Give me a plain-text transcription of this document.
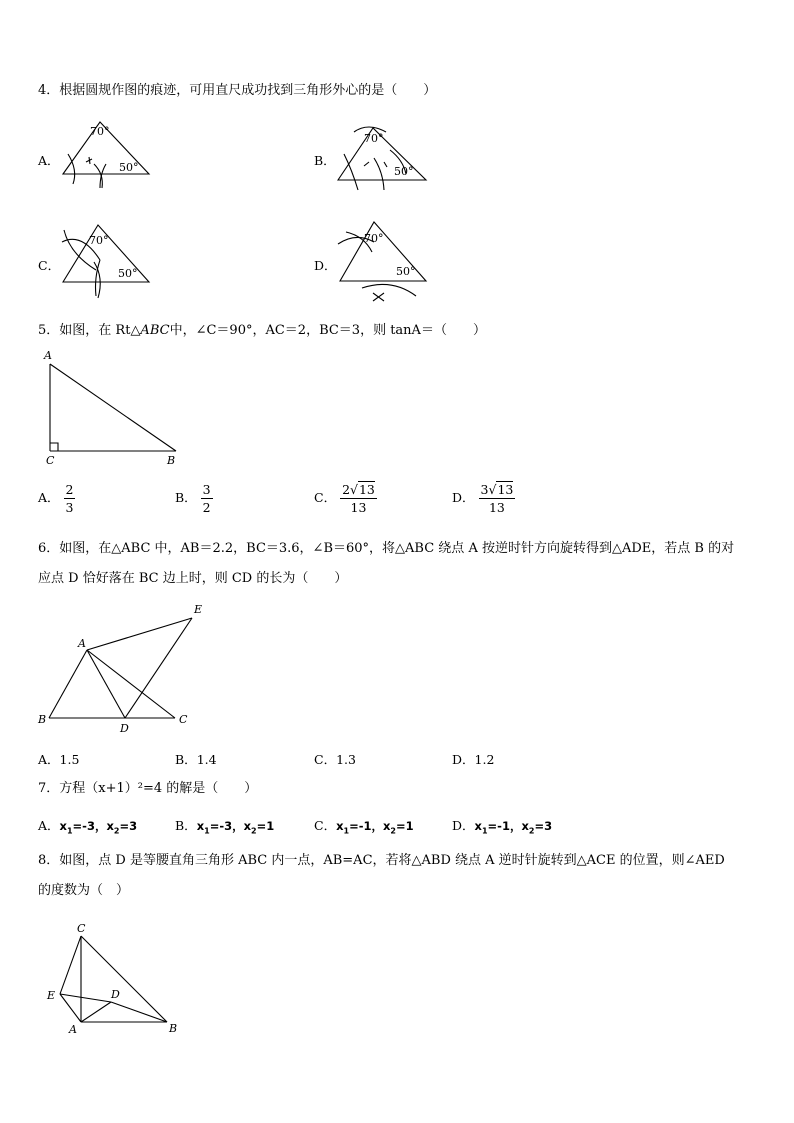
4．根据圆规作图的痕迹，可用直尺成功找到三角形外心的是（　　）
A．
70°
50°	B．
70°
50°
C．
70°
50°
D．
70°
50°
5．如图，在 Rt△ABC中，∠C＝90°，AC＝2，BC＝3，则 tanA＝（　　）
A
C	B
A． $\frac{2}{3}$	B． $\frac{3}{2}$	C． $\frac{2√13}{13}$	D． $\frac{3√13}{13}$
6．如图，在△ABC 中，AB＝2.2，BC＝3.6，∠B＝60°，将△ABC 绕点 A 按逆时针方向旋转得到△ADE，若点 B 的对
应点 D 恰好落在 BC 边上时，则 CD 的长为（　　）
A
B	C
D
E
A．1.5	B．1.4	C．1.3	D．1.2
7．方程（x+1）²=4 的解是（　　）
A．$x_1=-3$，$x_2=3$	B．$x_1=-3$，$x_2=1$	C．$x_1=-1$，$x_2=1$	D．$x_1=-1$，$x_2=3$
8．如图，点 D 是等腰直角三角形 ABC 内一点，AB=AC，若将△ABD 绕点 A 逆时针旋转到△ACE 的位置，则∠AED
的度数为（　）
C
E	D
A	B
